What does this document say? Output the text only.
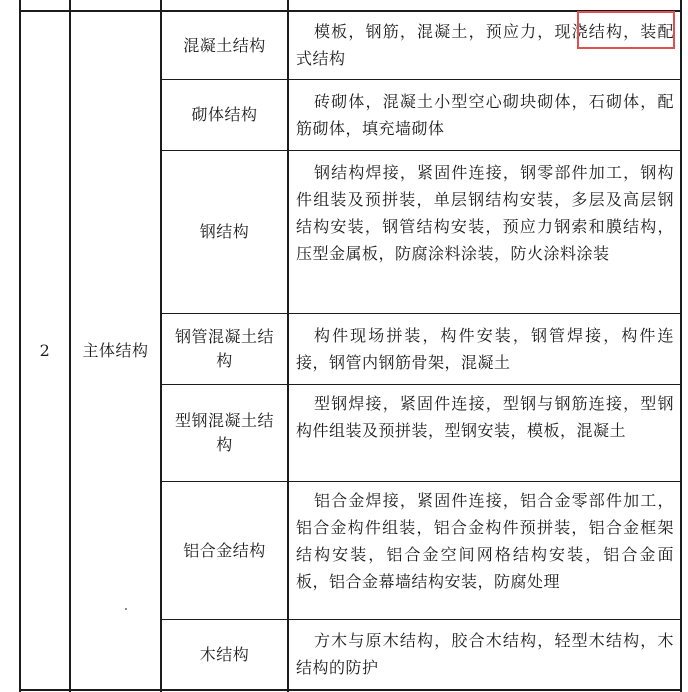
2	主体结构
混凝土结构
模板，钢筋，混凝土，预应力，现浇结构，装配式结构
砌体结构
砖砌体，混凝土小型空心砌块砌体，石砌体，配筋砌体，填充墙砌体
钢结构
钢结构焊接，紧固件连接，钢零部件加工，钢构件组装及预拼装，单层钢结构安装，多层及高层钢结构安装，钢管结构安装，预应力钢索和膜结构，压型金属板，防腐涂料涂装，防火涂料涂装
钢管混凝土结构
构件现场拼装，构件安装，钢管焊接，构件连接，钢管内钢筋骨架，混凝土
型钢混凝土结构
型钢焊接，紧固件连接，型钢与钢筋连接，型钢构件组装及预拼装，型钢安装，模板，混凝土
铝合金结构
铝合金焊接，紧固件连接，铝合金零部件加工，铝合金构件组装，铝合金构件预拼装，铝合金框架结构安装，铝合金空间网格结构安装，铝合金面板，铝合金幕墙结构安装，防腐处理
木结构
方木与原木结构，胶合木结构，轻型木结构，木结构的防护
